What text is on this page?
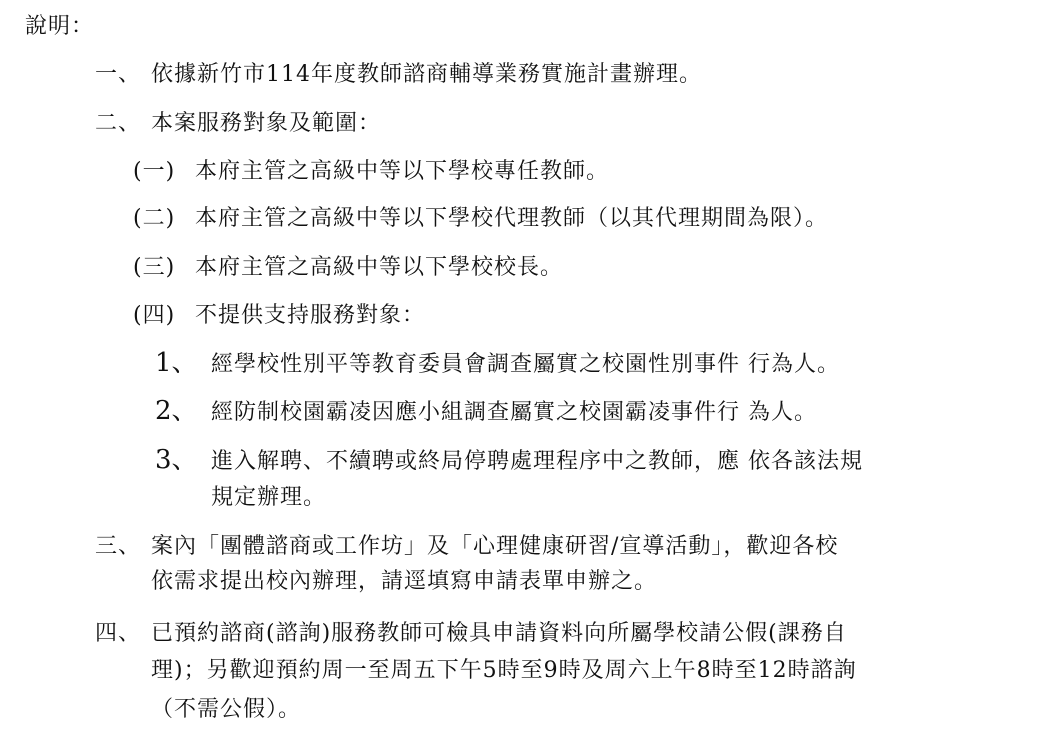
說明：
一、 依據新竹市114年度教師諮商輔導業務實施計畫辦理。
二、 本案服務對象及範圍：
(一) 本府主管之高級中等以下學校專任教師。
(二) 本府主管之高級中等以下學校代理教師（以其代理期間為限）。
(三) 本府主管之高級中等以下學校校長。
(四) 不提供支持服務對象：
1、 經學校性別平等教育委員會調查屬實之校園性別事件 行為人。
2、 經防制校園霸凌因應小組調查屬實之校園霸凌事件行 為人。
3、 進入解聘、不續聘或終局停聘處理程序中之教師，應 依各該法規
規定辦理。
三、 案內「團體諮商或工作坊」及「心理健康研習/宣導活動」，歡迎各校
依需求提出校內辦理，請逕填寫申請表單申辦之。
四、 已預約諮商(諮詢)服務教師可檢具申請資料向所屬學校請公假(課務自
理)；另歡迎預約周一至周五下午5時至9時及周六上午8時至12時諮詢
（不需公假）。
